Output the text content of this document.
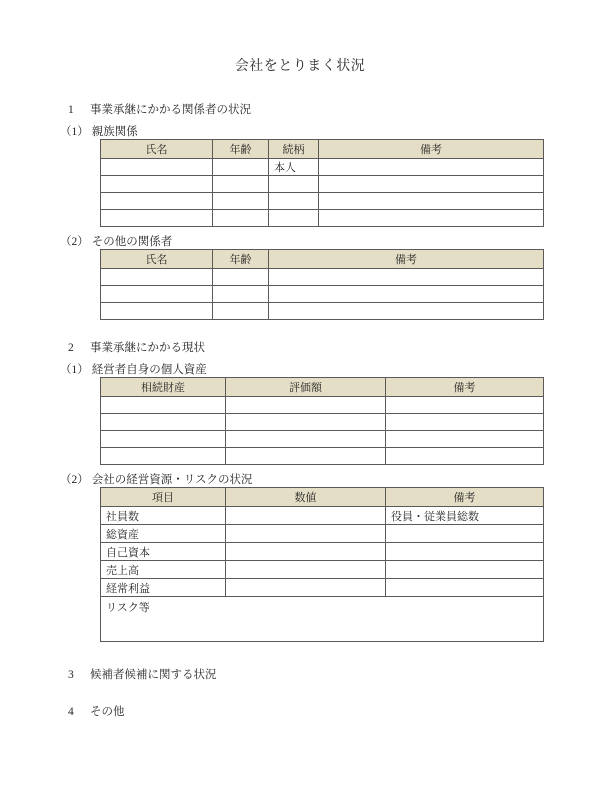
会社をとりまく状況
1 事業承継にかかる関係者の状況
（1） 親族関係
氏名	年齢	続柄	備考
		本人	

（2） その他の関係者
氏名	年齢	備考

2 事業承継にかかる現状
（1） 経営者自身の個人資産
相続財産	評価額	備考

（2） 会社の経営資源・リスクの状況
項目	数値	備考
社員数		役員・従業員総数
総資産		
自己資本		
売上高		
経常利益		
リスク等		
3 候補者候補に関する状況
4 その他
